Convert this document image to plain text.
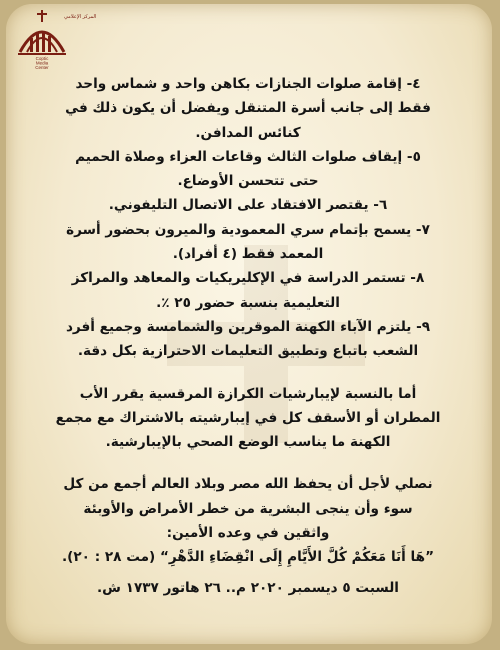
Coptic
Media
Center
المركز الإعلامي
٤- إقامة صلوات الجنازات بكاهن واحد و شماس واحد
فقط إلى جانب أسرة المتنقل ويفضل أن يكون ذلك في
كنائس المدافن.
٥- إيقاف صلوات الثالث وقاعات العزاء وصلاة الحميم
حتى تتحسن الأوضاع.
٦- يقتصر الافتقاد على الاتصال التليفوني.
٧- يسمح بإتمام سري المعمودية والميرون بحضور أسرة
المعمد فقط (٤ أفراد).
٨- تستمر الدراسة في الإكليريكيات والمعاهد والمراكز
التعليمية بنسبة حضور ٢٥ ٪.
٩- يلتزم الآباء الكهنة الموقرين والشمامسة وجميع أفرد
الشعب باتباع وتطبيق التعليمات الاحترازية بكل دقة.
أما بالنسبة لإيبارشيات الكرازة المرقسية يقرر الأب
المطران أو الأسقف كل في إيبارشيته بالاشتراك مع مجمع
الكهنة ما يناسب الوضع الصحي بالإيبارشية.
نصلي لأجل أن يحفظ الله مصر وبلاد العالم أجمع من كل
سوء وأن ينجى البشرية من خطر الأمراض والأوبئة
واثقين في وعده الأمين:
”هَا أَنَا مَعَكُمْ كُلَّ الأَيَّامِ إِلَى انْقِضَاءِ الدَّهْرِ“ (مت ٢٨ : ٢٠).
السبت ٥ ديسمبر ٢٠٢٠ م.. ٢٦ هاتور ١٧٣٧ ش.
